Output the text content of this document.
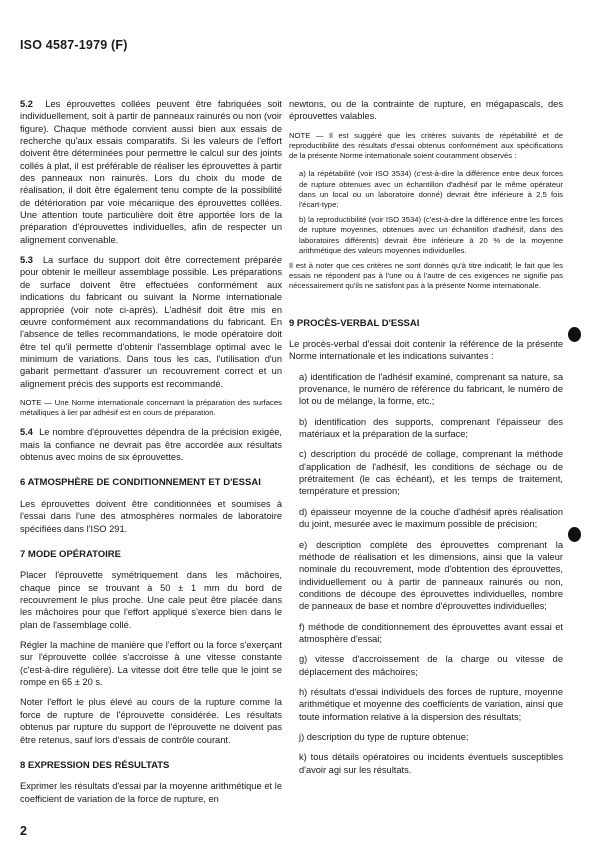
ISO 4587-1979 (F)

5.2 Les éprouvettes collées peuvent être fabriquées soit individuellement, soit à partir de panneaux rainurés ou non (voir figure). Chaque méthode convient aussi bien aux essais de recherche qu'aux essais comparatifs. Si les valeurs de l'effort doivent être déterminées pour permettre le calcul sur des joints collés à plat, il est préférable de réaliser les éprouvettes à partir des panneaux non rainurés. Lors du choix du mode de réalisation, il doit être également tenu compte de la possibilité de détérioration par voie mécanique des éprouvettes collées. Une attention toute particulière doit être apportée lors de la préparation d'éprouvettes individuelles, afin de respecter un alignement convenable.

5.3 La surface du support doit être correctement préparée pour obtenir le meilleur assemblage possible. Les préparations de surface doivent être effectuées conformément aux indications du fabricant ou suivant la Norme internationale appropriée (voir note ci-après). L'adhésif doit être mis en œuvre conformément aux recommandations du fabricant. En l'absence de telles recommandations, le mode opératoire doit être tel qu'il permette d'obtenir l'assemblage optimal avec le minimum de variations. Dans tous les cas, l'utilisation d'un gabarit permettant d'assurer un recouvrement correct et un alignement précis des supports est recommandé.

NOTE — Une Norme internationale concernant la préparation des surfaces métalliques à lier par adhésif est en cours de préparation.

5.4 Le nombre d'éprouvettes dépendra de la précision exigée, mais la confiance ne devrait pas être accordée aux résultats obtenus avec moins de six éprouvettes.

6 ATMOSPHÈRE DE CONDITIONNEMENT ET D'ESSAI

Les éprouvettes doivent être conditionnées et soumises à l'essai dans l'une des atmosphères normales de laboratoire spécifiées dans l'ISO 291.

7 MODE OPÉRATOIRE

Placer l'éprouvette symétriquement dans les mâchoires, chaque pince se trouvant à 50 ± 1 mm du bord de recouvrement le plus proche. Une cale peut être placée dans les mâchoires pour que l'effort appliqué s'exerce bien dans le plan de l'assemblage collé.

Régler la machine de manière que l'effort ou la force s'exerçant sur l'éprouvette collée s'accroisse à une vitesse constante (c'est-à-dire régulière). La vitesse doit être telle que le joint se rompe en 65 ± 20 s.

Noter l'effort le plus élevé au cours de la rupture comme la force de rupture de l'éprouvette considérée. Les résultats obtenus par rupture du support de l'éprouvette ne doivent pas être retenus, sauf lors d'essais de contrôle courant.

8 EXPRESSION DES RÉSULTATS

Exprimer les résultats d'essai par la moyenne arithmétique et le coefficient de variation de la force de rupture, en

newtons, ou de la contrainte de rupture, en mégapascals, des éprouvettes valables.

NOTE — Il est suggéré que les critères suivants de répétabilité et de reproductibilité des résultats d'essai obtenus conformément aux spécifications de la présente Norme internationale soient couramment observés :

a) la répétabilité (voir ISO 3534) (c'est-à-dire la différence entre deux forces de rupture obtenues avec un échantillon d'adhésif par le même opérateur dans un local ou un laboratoire donné) devrait être inférieure à 2,5 fois l'écart-type;

b) la reproductibilité (voir ISO 3534) (c'est-à-dire la différence entre les forces de rupture moyennes, obtenues avec un échantillon d'adhésif, dans des laboratoires différents) devrait être inférieure à 20 % de la moyenne arithmétique des valeurs moyennes individuelles.

Il est à noter que ces critères ne sont donnés qu'à titre indicatif; le fait que les essais ne répondent pas à l'une ou à l'autre de ces exigences ne signifie pas nécessairement qu'ils ne satisfont pas à la présente Norme internationale.

9 PROCÈS-VERBAL D'ESSAI

Le procès-verbal d'essai doit contenir la référence de la présente Norme internationale et les indications suivantes :

a) identification de l'adhésif examiné, comprenant sa nature, sa provenance, le numéro de référence du fabricant, le numéro de lot ou de mélange, la forme, etc.;

b) identification des supports, comprenant l'épaisseur des matériaux et la préparation de la surface;

c) description du procédé de collage, comprenant la méthode d'application de l'adhésif, les conditions de séchage ou de prétraitement (le cas échéant), et les temps de traitement, température et pression;

d) épaisseur moyenne de la couche d'adhésif après réalisation du joint, mesurée avec le maximum possible de précision;

e) description complète des éprouvettes comprenant la méthode de réalisation et les dimensions, ainsi que la valeur nominale du recouvrement, mode d'obtention des éprouvettes, individuellement ou à partir de panneaux rainurés ou non, conditions de découpe des éprouvettes individuelles, nombre de panneaux de base et nombre d'éprouvettes individuelles;

f) méthode de conditionnement des éprouvettes avant essai et atmosphère d'essai;

g) vitesse d'accroissement de la charge ou vitesse de déplacement des mâchoires;

h) résultats d'essai individuels des forces de rupture, moyenne arithmétique et moyenne des coefficients de variation, ainsi que toute information relative à la dispersion des résultats;

j) description du type de rupture obtenue;

k) tous détails opératoires ou incidents éventuels susceptibles d'avoir agi sur les résultats.

2
